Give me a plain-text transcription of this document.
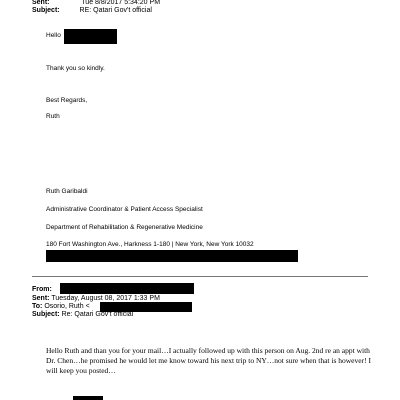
Sent:	Tue 8/8/2017 5:34:20 PM
Subject:	RE: Qatari Gov't official
Hello
Thank you so kindly.
Best Regards,
Ruth
Ruth Garibaldi
Administrative Coordinator & Patient Access Specialist
Department of Rehabilitation & Regenerative Medicine
180 Fort Washington Ave., Harkness 1-180 | New York, New York 10032
From:
Sent: Tuesday, August 08, 2017 1:33 PM
To: Osorio, Ruth <
Subject: Re: Qatari Gov't official
Hello Ruth and than you for your mail…I actually followed up with this person on Aug. 2nd re an appt with Dr. Chen…he promised he would let me know toward his next trip to NY…not sure when that is however! I will keep you posted…
